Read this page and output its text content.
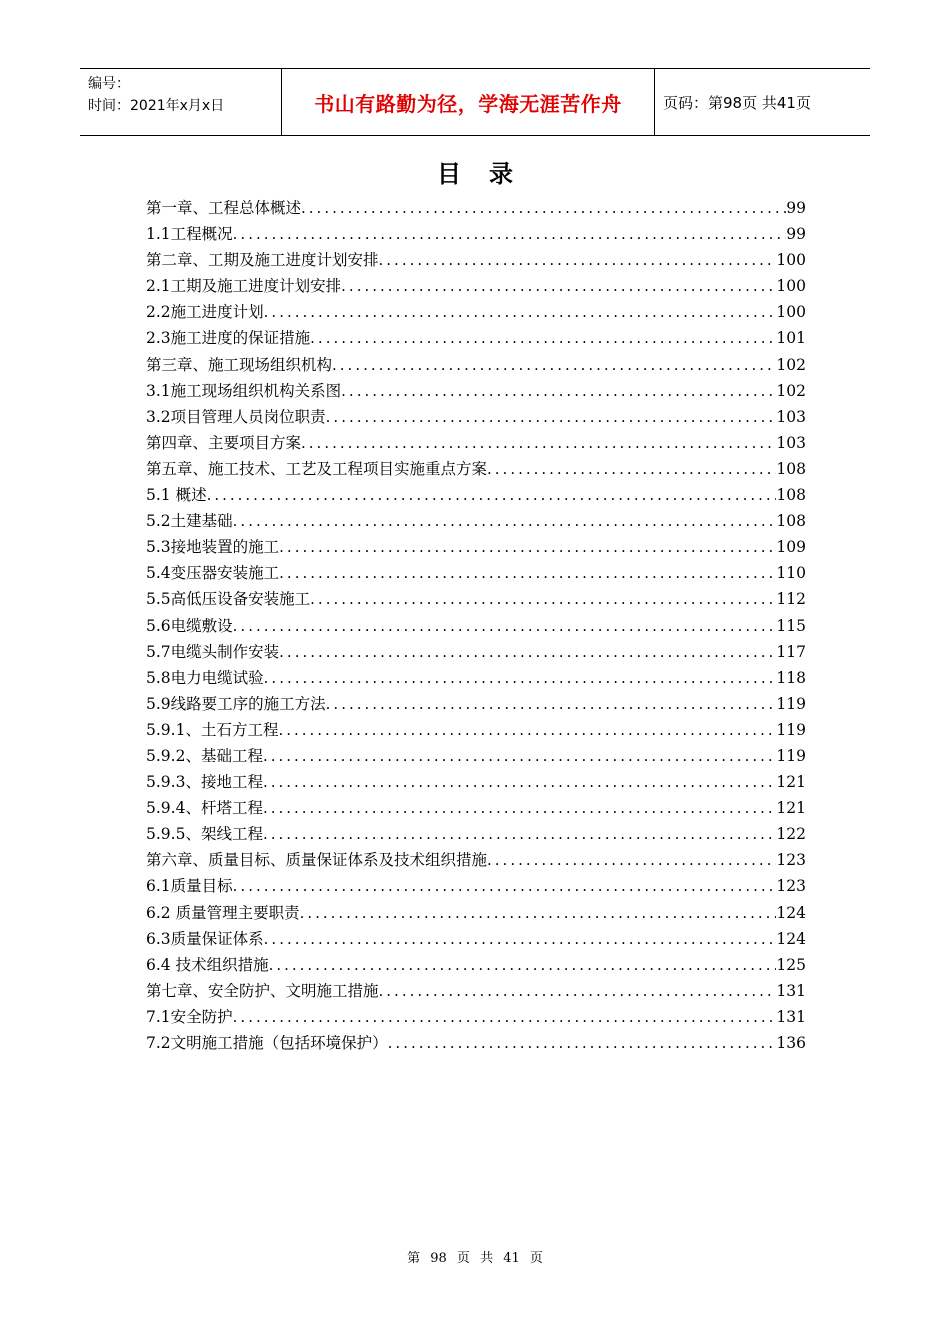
编号：
时间：2021年x月x日	书山有路勤为径，学海无涯苦作舟	页码：第98页 共41页
目录
第一章、工程总体概述 .....	99
1.1工程概况 .....	99
第二章、工期及施工进度计划安排 .....	100
2.1工期及施工进度计划安排 .....	100
2.2施工进度计划 .....	100
2.3施工进度的保证措施 .....	101
第三章、施工现场组织机构 .....	102
3.1施工现场组织机构关系图 .....	102
3.2项目管理人员岗位职责 .....	103
第四章、主要项目方案 .....	103
第五章、施工技术、工艺及工程项目实施重点方案 .....	108
5.1 概述 .....	108
5.2土建基础 .....	108
5.3接地装置的施工 .....	109
5.4变压器安装施工 .....	110
5.5高低压设备安装施工 .....	112
5.6电缆敷设 .....	115
5.7电缆头制作安装 .....	117
5.8电力电缆试验 .....	118
5.9线路要工序的施工方法 .....	119
5.9.1、土石方工程 .....	119
5.9.2、基础工程 .....	119
5.9.3、接地工程 .....	121
5.9.4、杆塔工程 .....	121
5.9.5、架线工程 .....	122
第六章、质量目标、质量保证体系及技术组织措施 .....	123
6.1质量目标 .....	123
6.2 质量管理主要职责 .....	124
6.3质量保证体系 .....	124
6.4 技术组织措施 .....	125
第七章、安全防护、文明施工措施 .....	131
7.1安全防护 .....	131
7.2文明施工措施（包括环境保护） .....	136
第 98 页 共 41 页
